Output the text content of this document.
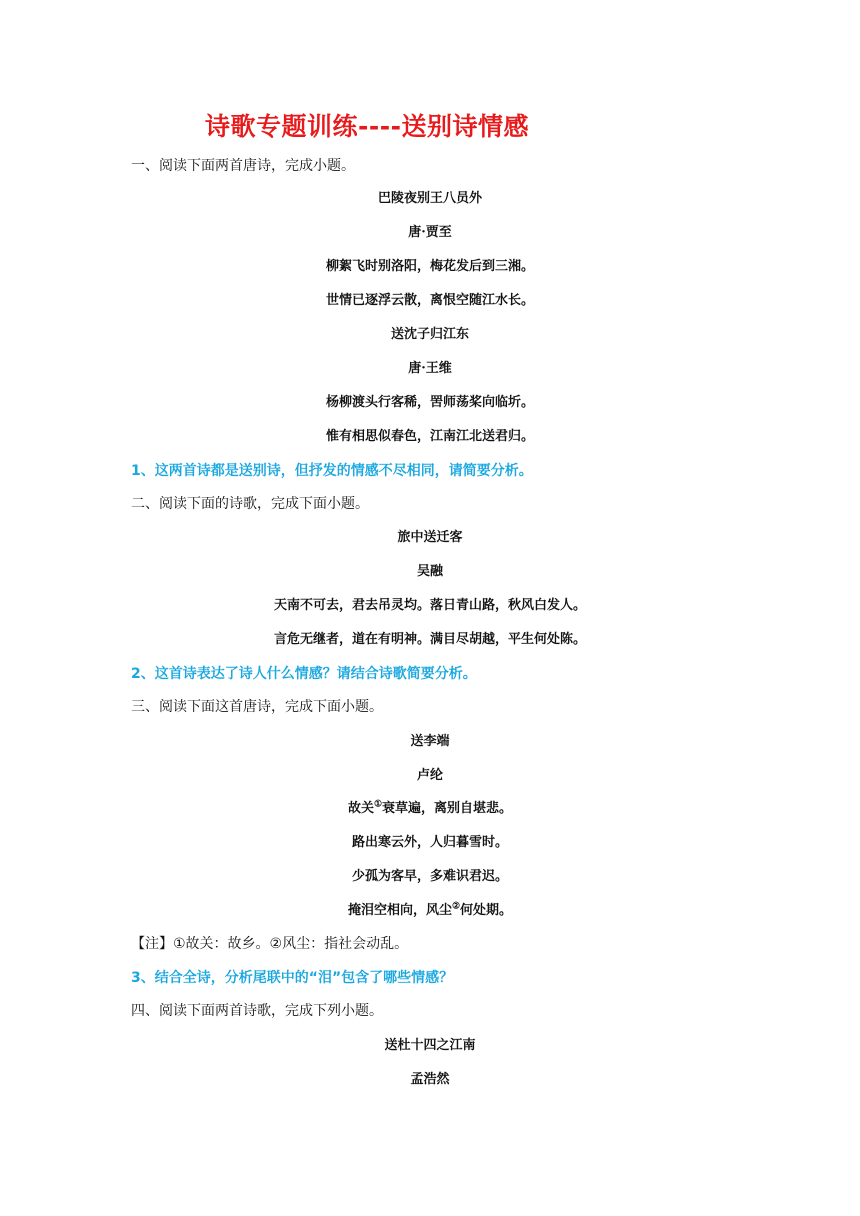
诗歌专题训练----送别诗情感
一、阅读下面两首唐诗，完成小题。
巴陵夜别王八员外
唐·贾至
柳絮飞时别洛阳，梅花发后到三湘。
世情已逐浮云散，离恨空随江水长。
送沈子归江东
唐·王维
杨柳渡头行客稀，罟师荡桨向临圻。
惟有相思似春色，江南江北送君归。
1、这两首诗都是送别诗，但抒发的情感不尽相同，请简要分析。
二、阅读下面的诗歌，完成下面小题。
旅中送迁客
吴融
天南不可去，君去吊灵均。落日青山路，秋风白发人。
言危无继者，道在有明神。满目尽胡越，平生何处陈。
2、这首诗表达了诗人什么情感？请结合诗歌简要分析。
三、阅读下面这首唐诗，完成下面小题。
送李端
卢纶
故关①衰草遍，离别自堪悲。
路出寒云外，人归暮雪时。
少孤为客早，多难识君迟。
掩泪空相向，风尘②何处期。
【注】①故关：故乡。②风尘：指社会动乱。
3、结合全诗，分析尾联中的“泪”包含了哪些情感？
四、阅读下面两首诗歌，完成下列小题。
送杜十四之江南
孟浩然
